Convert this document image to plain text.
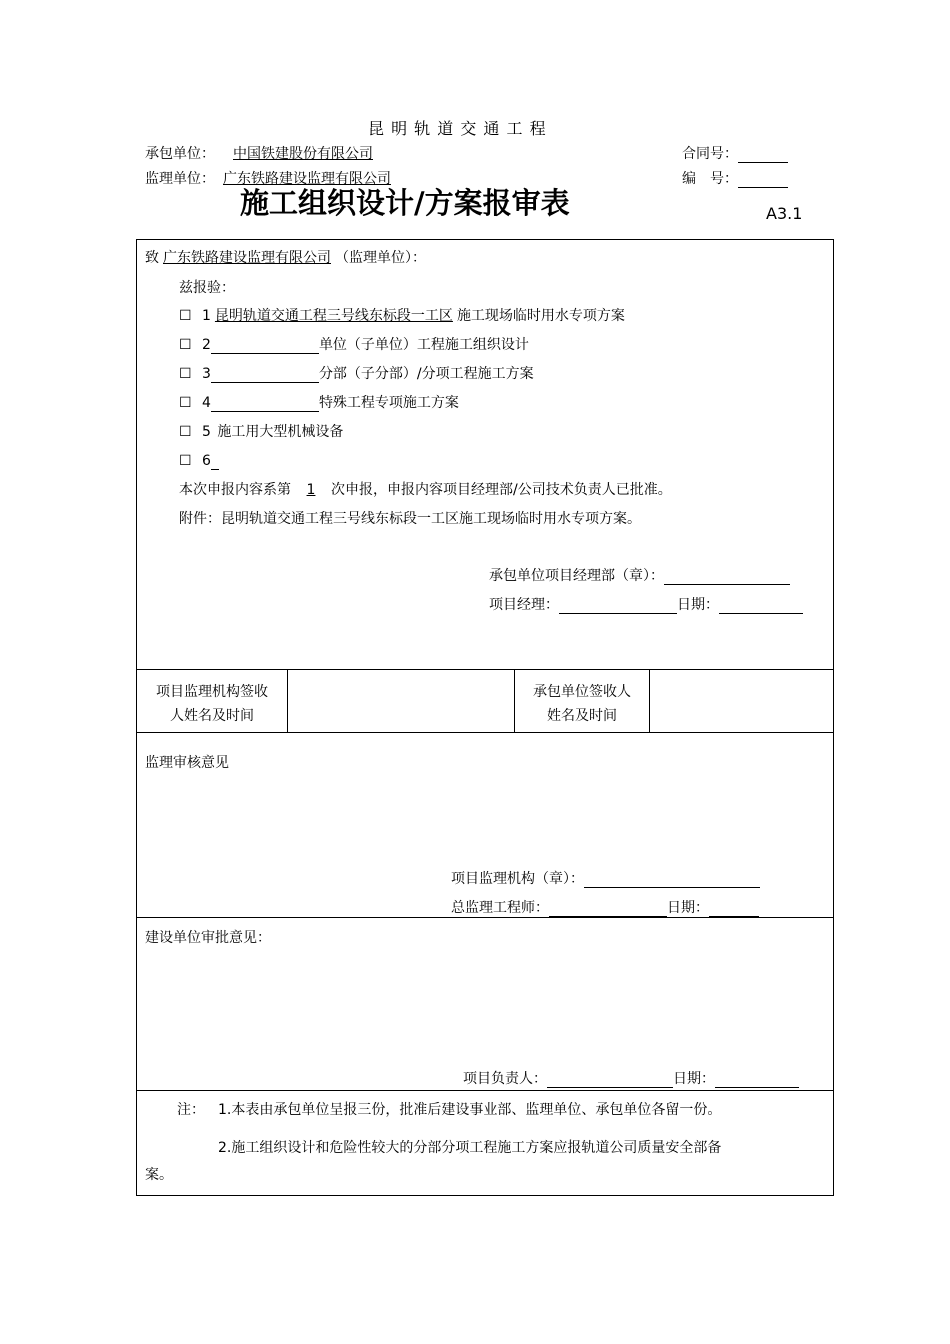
昆 明 轨 道 交 通 工 程
承包单位： 中国铁建股份有限公司	合同号：
监理单位： 广东铁路建设监理有限公司	编　号：
施工组织设计/方案报审表	A3.1
致 广东铁路建设监理有限公司 （监理单位）：
兹报验：
☐ 1 昆明轨道交通工程三号线东标段一工区 施工现场临时用水专项方案
☐ 2	单位（子单位）工程施工组织设计
☐ 3	分部（子分部）/分项工程施工方案
☐ 4	特殊工程专项施工方案
☐ 5 施工用大型机械设备
☐ 6
本次申报内容系第 1 次申报，申报内容项目经理部/公司技术负责人已批准。
附件：昆明轨道交通工程三号线东标段一工区施工现场临时用水专项方案。
承包单位项目经理部（章）：
项目经理：	日期：
项目监理机构签收
人姓名及时间
承包单位签收人
姓名及时间
监理审核意见
项目监理机构（章）：
总监理工程师：	日期：
建设单位审批意见：
项目负责人：	日期：
注： 1.本表由承包单位呈报三份，批准后建设事业部、监理单位、承包单位各留一份。
2.施工组织设计和危险性较大的分部分项工程施工方案应报轨道公司质量安全部备
案。
